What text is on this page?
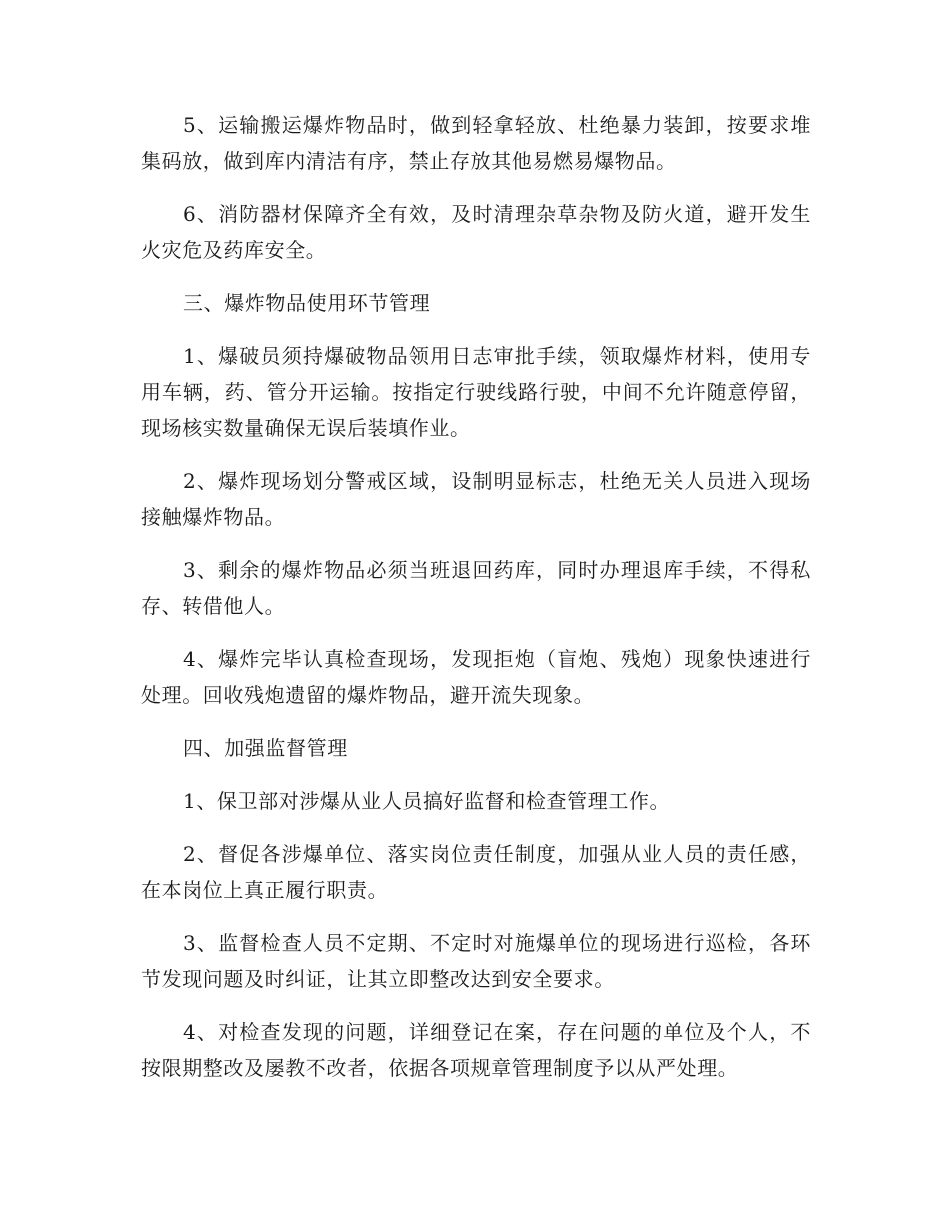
5、运输搬运爆炸物品时，做到轻拿轻放、杜绝暴力装卸，按要求堆集码放，做到库内清洁有序，禁止存放其他易燃易爆物品。

6、消防器材保障齐全有效，及时清理杂草杂物及防火道，避开发生火灾危及药库安全。

三、爆炸物品使用环节管理

1、爆破员须持爆破物品领用日志审批手续，领取爆炸材料，使用专用车辆，药、管分开运输。按指定行驶线路行驶，中间不允许随意停留，现场核实数量确保无误后装填作业。

2、爆炸现场划分警戒区域，设制明显标志，杜绝无关人员进入现场接触爆炸物品。

3、剩余的爆炸物品必须当班退回药库，同时办理退库手续，不得私存、转借他人。

4、爆炸完毕认真检查现场，发现拒炮（盲炮、残炮）现象快速进行处理。回收残炮遗留的爆炸物品，避开流失现象。

四、加强监督管理

1、保卫部对涉爆从业人员搞好监督和检查管理工作。

2、督促各涉爆单位、落实岗位责任制度，加强从业人员的责任感，在本岗位上真正履行职责。

3、监督检查人员不定期、不定时对施爆单位的现场进行巡检，各环节发现问题及时纠证，让其立即整改达到安全要求。

4、对检查发现的问题，详细登记在案，存在问题的单位及个人，不按限期整改及屡教不改者，依据各项规章管理制度予以从严处理。
